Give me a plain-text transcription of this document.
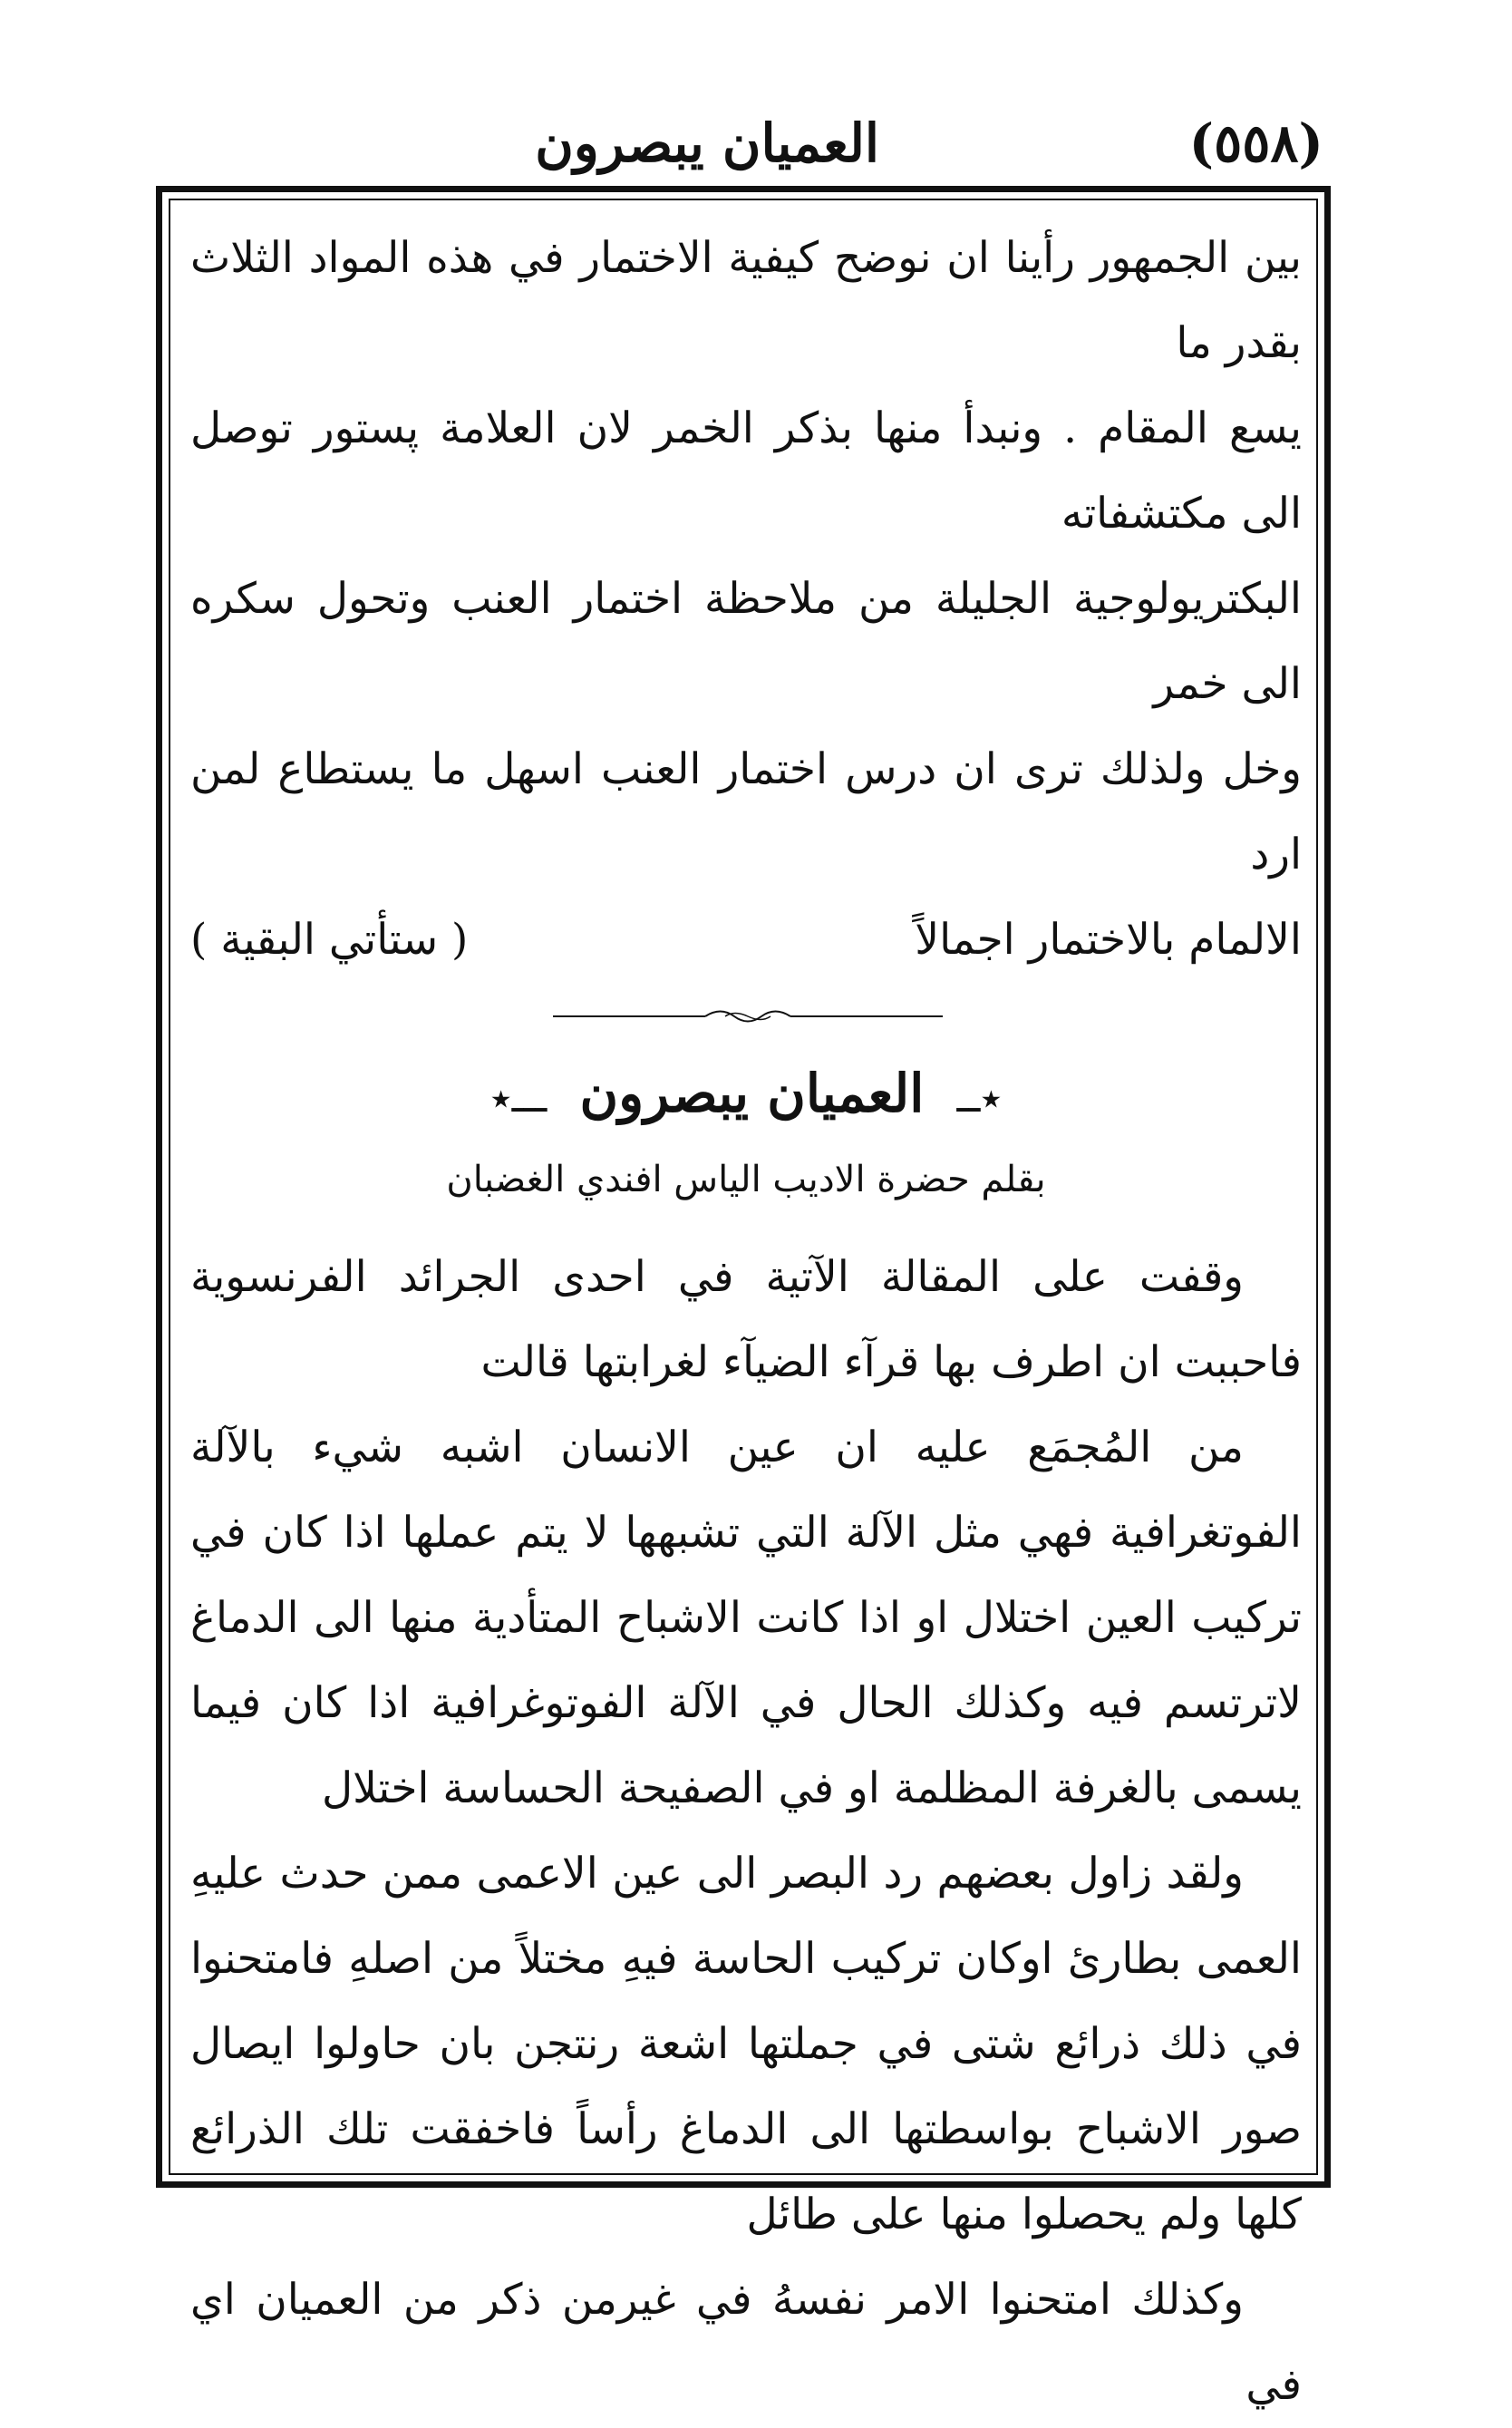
(٥٥٨)
العميان يبصرون

بين الجمهور رأينا ان نوضح كيفية الاختمار في هذه المواد الثلاث بقدر ما

يسع المقام . ونبدأ منها بذكر الخمر لان العلامة پستور توصل الى مكتشفاته

البكتريولوجية الجليلة من ملاحظة اختمار العنب وتحول سكره الى خمر

وخل ولذلك ترى ان درس اختمار العنب اسهل ما يستطاع لمن ارد

الالمام بالاختمار اجمالاً
( ستأتي البقية )
٭ــ العميان يبصرون ـــ٭
بقلم حضرة الاديب الياس افندي الغضبان

وقفت على المقالة الآتية في احدى الجرائد الفرنسوية فاحببت ان اطرف بها قرآء الضيآء لغرابتها قالت

من المُجمَع عليه ان عين الانسان اشبه شيء بالآلة الفوتغرافية فهي مثل الآلة التي تشبهها لا يتم عملها اذا كان في تركيب العين اختلال او اذا كانت الاشباح المتأدية منها الى الدماغ لاترتسم فيه وكذلك الحال في الآلة الفوتوغرافية اذا كان فيما يسمى بالغرفة المظلمة او في الصفيحة الحساسة اختلال

ولقد زاول بعضهم رد البصر الى عين الاعمى ممن حدث عليهِ العمى بطارئ اوكان تركيب الحاسة فيهِ مختلاً من اصلهِ فامتحنوا في ذلك ذرائع شتى في جملتها اشعة رنتجن بان حاولوا ايصال صور الاشباح بواسطتها الى الدماغ رأساً فاخفقت تلك الذرائع كلها ولم يحصلوا منها على طائل

وكذلك امتحنوا الامر نفسهُ في غيرمن ذكر من العميان اي في
